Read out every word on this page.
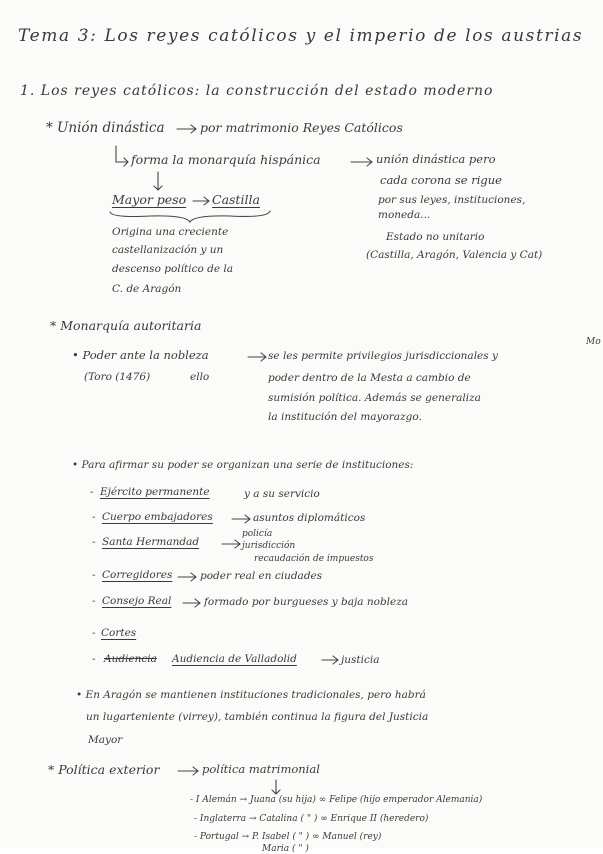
Tema 3: Los reyes católicos y el imperio de los austrias
1. Los reyes católicos: la construcción del estado moderno
* Unión dinástica	por matrimonio Reyes Católicos
forma la monarquía hispánica	unión dinástica pero
cada corona se rigue
por sus leyes, instituciones,
moneda...
Estado no unitario
(Castilla, Aragón, Valencia y Cat)
Mayor peso Castilla
Origina una creciente
castellanización y un
descenso político de la
C. de Aragón
* Monarquía autoritaria
• Poder ante la nobleza
(Toro (1476)	ello
se les permite privilegios jurisdiccionales y
poder dentro de la Mesta a cambio de
sumisión política. Además se generaliza
la institución del mayorazgo.
Mo
• Para afirmar su poder se organizan una serie de instituciones:
- Ejército permanente	y a su servicio
- Cuerpo embajadores	asuntos diplomáticos
- Santa Hermandad
policía
jurisdicción
recaudación de impuestos
- Corregidores	poder real en ciudades
- Consejo Real	formado por burgueses y baja nobleza
- Cortes
- Audiencia Audiencia de Valladolid	justicia
• En Aragón se mantienen instituciones tradicionales, pero habrá
un lugarteniente (virrey), también continua la figura del Justicia
Mayor
* Política exterior	política matrimonial
- I Alemán → Juana (su hija) ∞ Felipe (hijo emperador Alemania)
- Inglaterra → Catalina ( " ) ∞ Enrique II (heredero)
- Portugal → P. Isabel ( " ) ∞ Manuel (rey)
Maria ( " )
